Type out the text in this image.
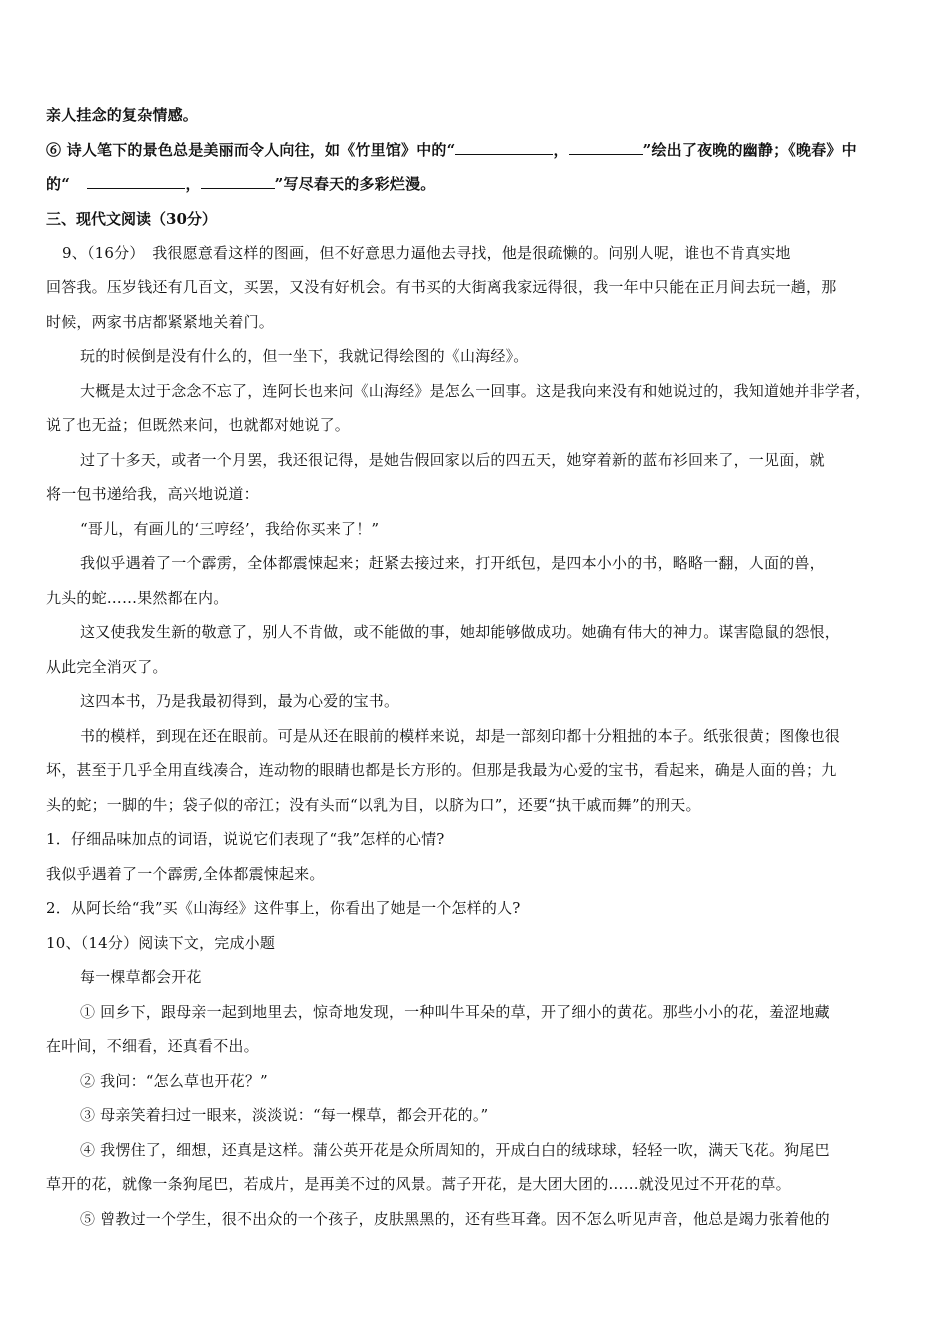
亲人挂念的复杂情感。
⑥ 诗人笔下的景色总是美丽而令人向往，如《竹里馆》中的“	，	”绘出了夜晚的幽静；《晚春》中
的“	，	”写尽春天的多彩烂漫。
三、现代文阅读（30分）
9、（16分）　我很愿意看这样的图画，但不好意思力逼他去寻找，他是很疏懒的。问别人呢，谁也不肯真实地
回答我。压岁钱还有几百文，买罢，又没有好机会。有书买的大街离我家远得很，我一年中只能在正月间去玩一趟，那
时候，两家书店都紧紧地关着门。
玩的时候倒是没有什么的，但一坐下，我就记得绘图的《山海经》。
大概是太过于念念不忘了，连阿长也来问《山海经》是怎么一回事。这是我向来没有和她说过的，我知道她并非学者，
说了也无益；但既然来问，也就都对她说了。
过了十多天，或者一个月罢，我还很记得，是她告假回家以后的四五天，她穿着新的蓝布衫回来了，一见面，就
将一包书递给我，高兴地说道：
“哥儿，有画儿的‘三哼经’，我给你买来了！”
我似乎遇着了一个霹雳，全体都震悚起来；赶紧去接过来，打开纸包，是四本小小的书，略略一翻，人面的兽，
九头的蛇……果然都在内。
这又使我发生新的敬意了，别人不肯做，或不能做的事，她却能够做成功。她确有伟大的神力。谋害隐鼠的怨恨，
从此完全消灭了。
这四本书，乃是我最初得到，最为心爱的宝书。
书的模样，到现在还在眼前。可是从还在眼前的模样来说，却是一部刻印都十分粗拙的本子。纸张很黄；图像也很
坏，甚至于几乎全用直线凑合，连动物的眼睛也都是长方形的。但那是我最为心爱的宝书，看起来，确是人面的兽；九
头的蛇；一脚的牛；袋子似的帝江；没有头而“以乳为目，以脐为口”，还要“执干戚而舞”的刑天。
1．仔细品味加点的词语，说说它们表现了“我”怎样的心情?
我似乎遇着了一个霹雳,全体都震悚起来。
2．从阿长给“我”买《山海经》这件事上，你看出了她是一个怎样的人?
10、（14分）阅读下文，完成小题
每一棵草都会开花
① 回乡下，跟母亲一起到地里去，惊奇地发现，一种叫牛耳朵的草，开了细小的黄花。那些小小的花，羞涩地藏
在叶间，不细看，还真看不出。
② 我问：“怎么草也开花？”
③ 母亲笑着扫过一眼来，淡淡说：“每一棵草，都会开花的。”
④ 我愣住了，细想，还真是这样。蒲公英开花是众所周知的，开成白白的绒球球，轻轻一吹，满天飞花。狗尾巴
草开的花，就像一条狗尾巴，若成片，是再美不过的风景。蒿子开花，是大团大团的……就没见过不开花的草。
⑤ 曾教过一个学生，很不出众的一个孩子，皮肤黑黑的，还有些耳聋。因不怎么听见声音，他总是竭力张着他的
